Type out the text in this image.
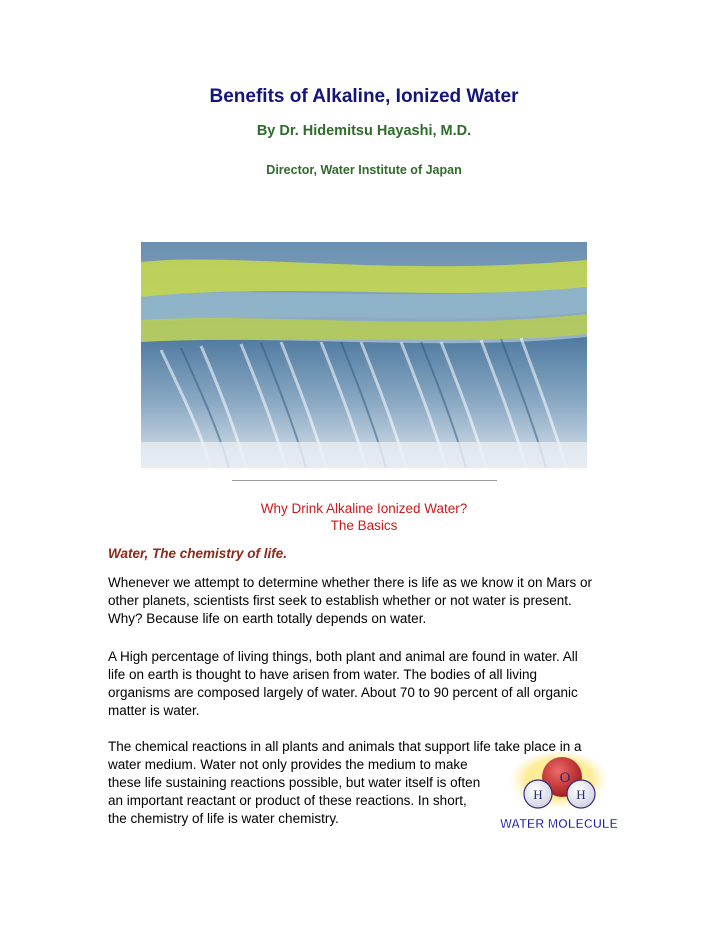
Benefits of Alkaline, Ionized Water
By Dr. Hidemitsu Hayashi, M.D.
Director, Water Institute of Japan
Why Drink Alkaline Ionized Water?
The Basics
Water, The chemistry of life.
Whenever we attempt to determine whether there is life as we know it on Mars or
other planets, scientists first seek to establish whether or not water is present.
Why? Because life on earth totally depends on water.
A High percentage of living things, both plant and animal are found in water. All
life on earth is thought to have arisen from water. The bodies of all living
organisms are composed largely of water. About 70 to 90 percent of all organic
matter is water.
The chemical reactions in all plants and animals that support life take place in a
water medium. Water not only provides the medium to make
these life sustaining reactions possible, but water itself is often
an important reactant or product of these reactions. In short,
the chemistry of life is water chemistry.
O
H	H
WATER MOLECULE
